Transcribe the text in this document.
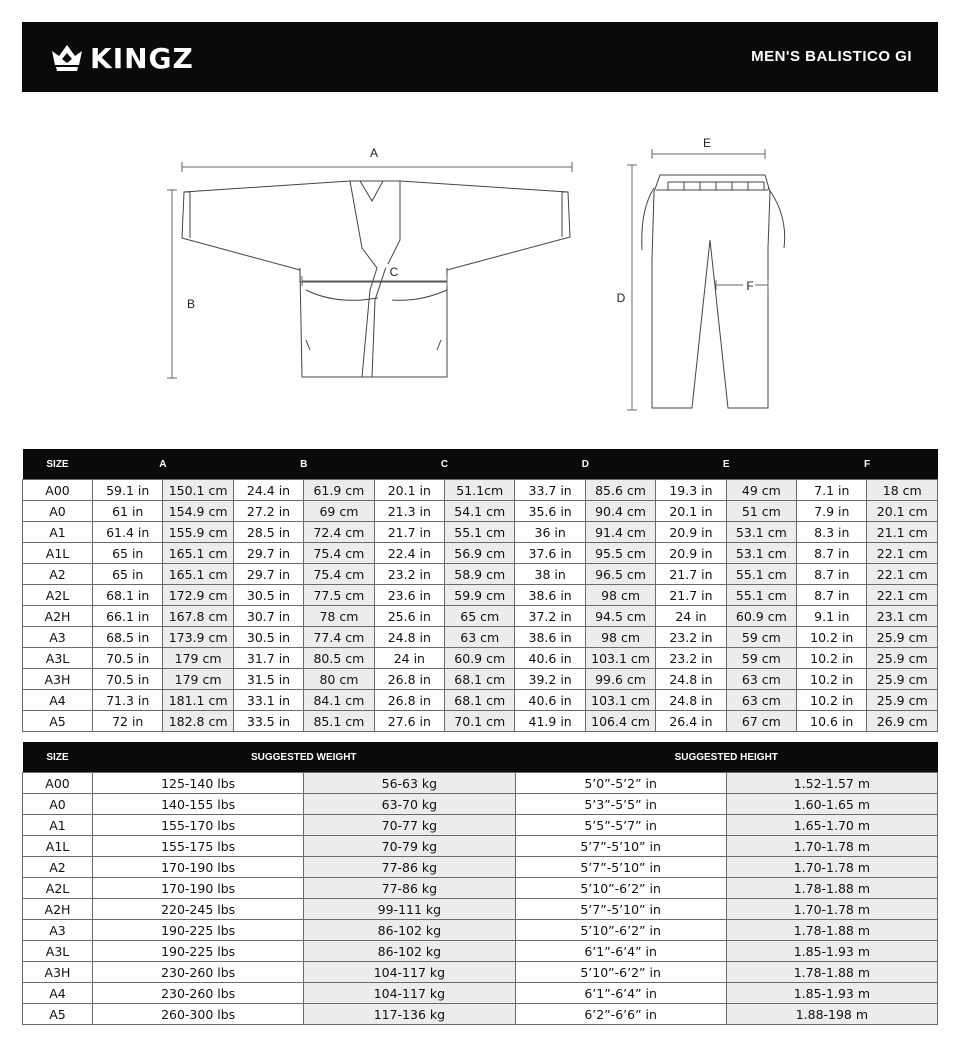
KINGZ	MEN'S BALISTICO GI
A
B
C
D
E
F
SIZE	A		B		C		D		E		F	
A00	59.1 in	150.1 cm	24.4 in	61.9 cm	20.1 in	51.1cm	33.7 in	85.6 cm	19.3 in	49 cm	7.1 in	18 cm
A0	61 in	154.9 cm	27.2 in	69 cm	21.3 in	54.1 cm	35.6 in	90.4 cm	20.1 in	51 cm	7.9 in	20.1 cm
A1	61.4 in	155.9 cm	28.5 in	72.4 cm	21.7 in	55.1 cm	36 in	91.4 cm	20.9 in	53.1 cm	8.3 in	21.1 cm
A1L	65 in	165.1 cm	29.7 in	75.4 cm	22.4 in	56.9 cm	37.6 in	95.5 cm	20.9 in	53.1 cm	8.7 in	22.1 cm
A2	65 in	165.1 cm	29.7 in	75.4 cm	23.2 in	58.9 cm	38 in	96.5 cm	21.7 in	55.1 cm	8.7 in	22.1 cm
A2L	68.1 in	172.9 cm	30.5 in	77.5 cm	23.6 in	59.9 cm	38.6 in	98 cm	21.7 in	55.1 cm	8.7 in	22.1 cm
A2H	66.1 in	167.8 cm	30.7 in	78 cm	25.6 in	65 cm	37.2 in	94.5 cm	24 in	60.9 cm	9.1 in	23.1 cm
A3	68.5 in	173.9 cm	30.5 in	77.4 cm	24.8 in	63 cm	38.6 in	98 cm	23.2 in	59 cm	10.2 in	25.9 cm
A3L	70.5 in	179 cm	31.7 in	80.5 cm	24 in	60.9 cm	40.6 in	103.1 cm	23.2 in	59 cm	10.2 in	25.9 cm
A3H	70.5 in	179 cm	31.5 in	80 cm	26.8 in	68.1 cm	39.2 in	99.6 cm	24.8 in	63 cm	10.2 in	25.9 cm
A4	71.3 in	181.1 cm	33.1 in	84.1 cm	26.8 in	68.1 cm	40.6 in	103.1 cm	24.8 in	63 cm	10.2 in	25.9 cm
A5	72 in	182.8 cm	33.5 in	85.1 cm	27.6 in	70.1 cm	41.9 in	106.4 cm	26.4 in	67 cm	10.6 in	26.9 cm
SIZE	SUGGESTED WEIGHT		SUGGESTED HEIGHT	
A00	125-140 lbs	56-63 kg	5’0”-5’2” in	1.52-1.57 m
A0	140-155 lbs	63-70 kg	5’3”-5’5” in	1.60-1.65 m
A1	155-170 lbs	70-77 kg	5’5”-5’7” in	1.65-1.70 m
A1L	155-175 lbs	70-79 kg	5’7”-5’10” in	1.70-1.78 m
A2	170-190 lbs	77-86 kg	5’7”-5’10” in	1.70-1.78 m
A2L	170-190 lbs	77-86 kg	5’10”-6’2” in	1.78-1.88 m
A2H	220-245 lbs	99-111 kg	5’7”-5’10” in	1.70-1.78 m
A3	190-225 lbs	86-102 kg	5’10”-6’2” in	1.78-1.88 m
A3L	190-225 lbs	86-102 kg	6’1”-6’4” in	1.85-1.93 m
A3H	230-260 lbs	104-117 kg	5’10”-6’2” in	1.78-1.88 m
A4	230-260 lbs	104-117 kg	6’1”-6’4” in	1.85-1.93 m
A5	260-300 lbs	117-136 kg	6’2”-6’6” in	1.88-198 m
